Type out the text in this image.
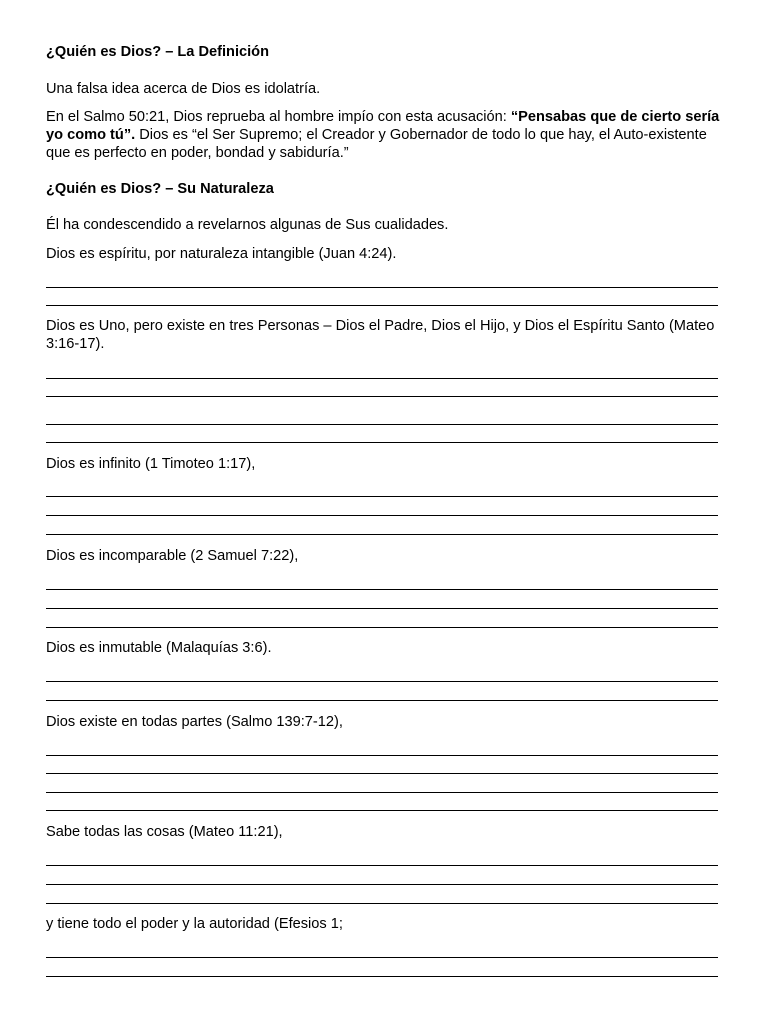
¿Quién es Dios? – La Definición
Una falsa idea acerca de Dios es idolatría.
En el Salmo 50:21, Dios reprueba al hombre impío con esta acusación: “Pensabas que de cierto sería yo como tú”. Dios es “el Ser Supremo; el Creador y Gobernador de todo lo que hay, el Auto-existente que es perfecto en poder, bondad y sabiduría.”
¿Quién es Dios? – Su Naturaleza
Él ha condescendido a revelarnos algunas de Sus cualidades.
Dios es espíritu, por naturaleza intangible (Juan 4:24).
Dios es Uno, pero existe en tres Personas – Dios el Padre, Dios el Hijo, y Dios el Espíritu Santo (Mateo 3:16-17).
Dios es infinito (1 Timoteo 1:17),
Dios es incomparable (2 Samuel 7:22),
Dios es inmutable (Malaquías 3:6).
Dios existe en todas partes (Salmo 139:7-12),
Sabe todas las cosas (Mateo 11:21),
y tiene todo el poder y la autoridad (Efesios 1;
